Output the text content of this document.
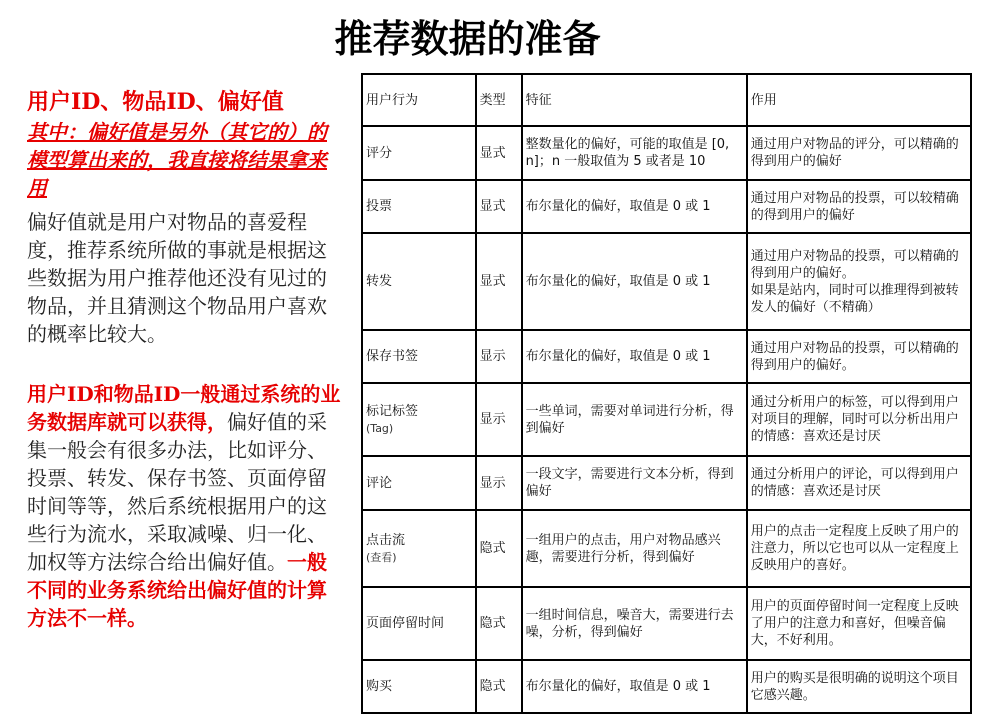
推荐数据的准备
用户ID、物品ID、偏好值
其中：偏好值是另外（其它的）的模型算出来的，我直接将结果拿来用
偏好值就是用户对物品的喜爱程度，推荐系统所做的事就是根据这些数据为用户推荐他还没有见过的物品，并且猜测这个物品用户喜欢的概率比较大。
用户ID和物品ID一般通过系统的业务数据库就可以获得，偏好值的采集一般会有很多办法，比如评分、投票、转发、保存书签、页面停留时间等等，然后系统根据用户的这些行为流水，采取减噪、归一化、加权等方法综合给出偏好值。一般不同的业务系统给出偏好值的计算方法不一样。
用户行为	类型	特征	作用
评分	显式	整数量化的偏好，可能的取值是 [0, n]；n 一般取值为 5 或者是 10	通过用户对物品的评分，可以精确的得到用户的偏好
投票	显式	布尔量化的偏好，取值是 0 或 1	通过用户对物品的投票，可以较精确的得到用户的偏好
转发	显式	布尔量化的偏好，取值是 0 或 1	通过用户对物品的投票，可以精确的得到用户的偏好。
如果是站内，同时可以推理得到被转发人的偏好（不精确）
保存书签	显示	布尔量化的偏好，取值是 0 或 1	通过用户对物品的投票，可以精确的得到用户的偏好。
标记标签
(Tag)	显示	一些单词，需要对单词进行分析，得到偏好	通过分析用户的标签，可以得到用户对项目的理解，同时可以分析出用户的情感：喜欢还是讨厌
评论	显示	一段文字，需要进行文本分析，得到偏好	通过分析用户的评论，可以得到用户的情感：喜欢还是讨厌
点击流
(查看)	隐式	一组用户的点击，用户对物品感兴趣，需要进行分析，得到偏好	用户的点击一定程度上反映了用户的注意力，所以它也可以从一定程度上反映用户的喜好。
页面停留时间	隐式	一组时间信息，噪音大，需要进行去噪，分析，得到偏好	用户的页面停留时间一定程度上反映了用户的注意力和喜好，但噪音偏大，不好利用。
购买	隐式	布尔量化的偏好，取值是 0 或 1	用户的购买是很明确的说明这个项目它感兴趣。
